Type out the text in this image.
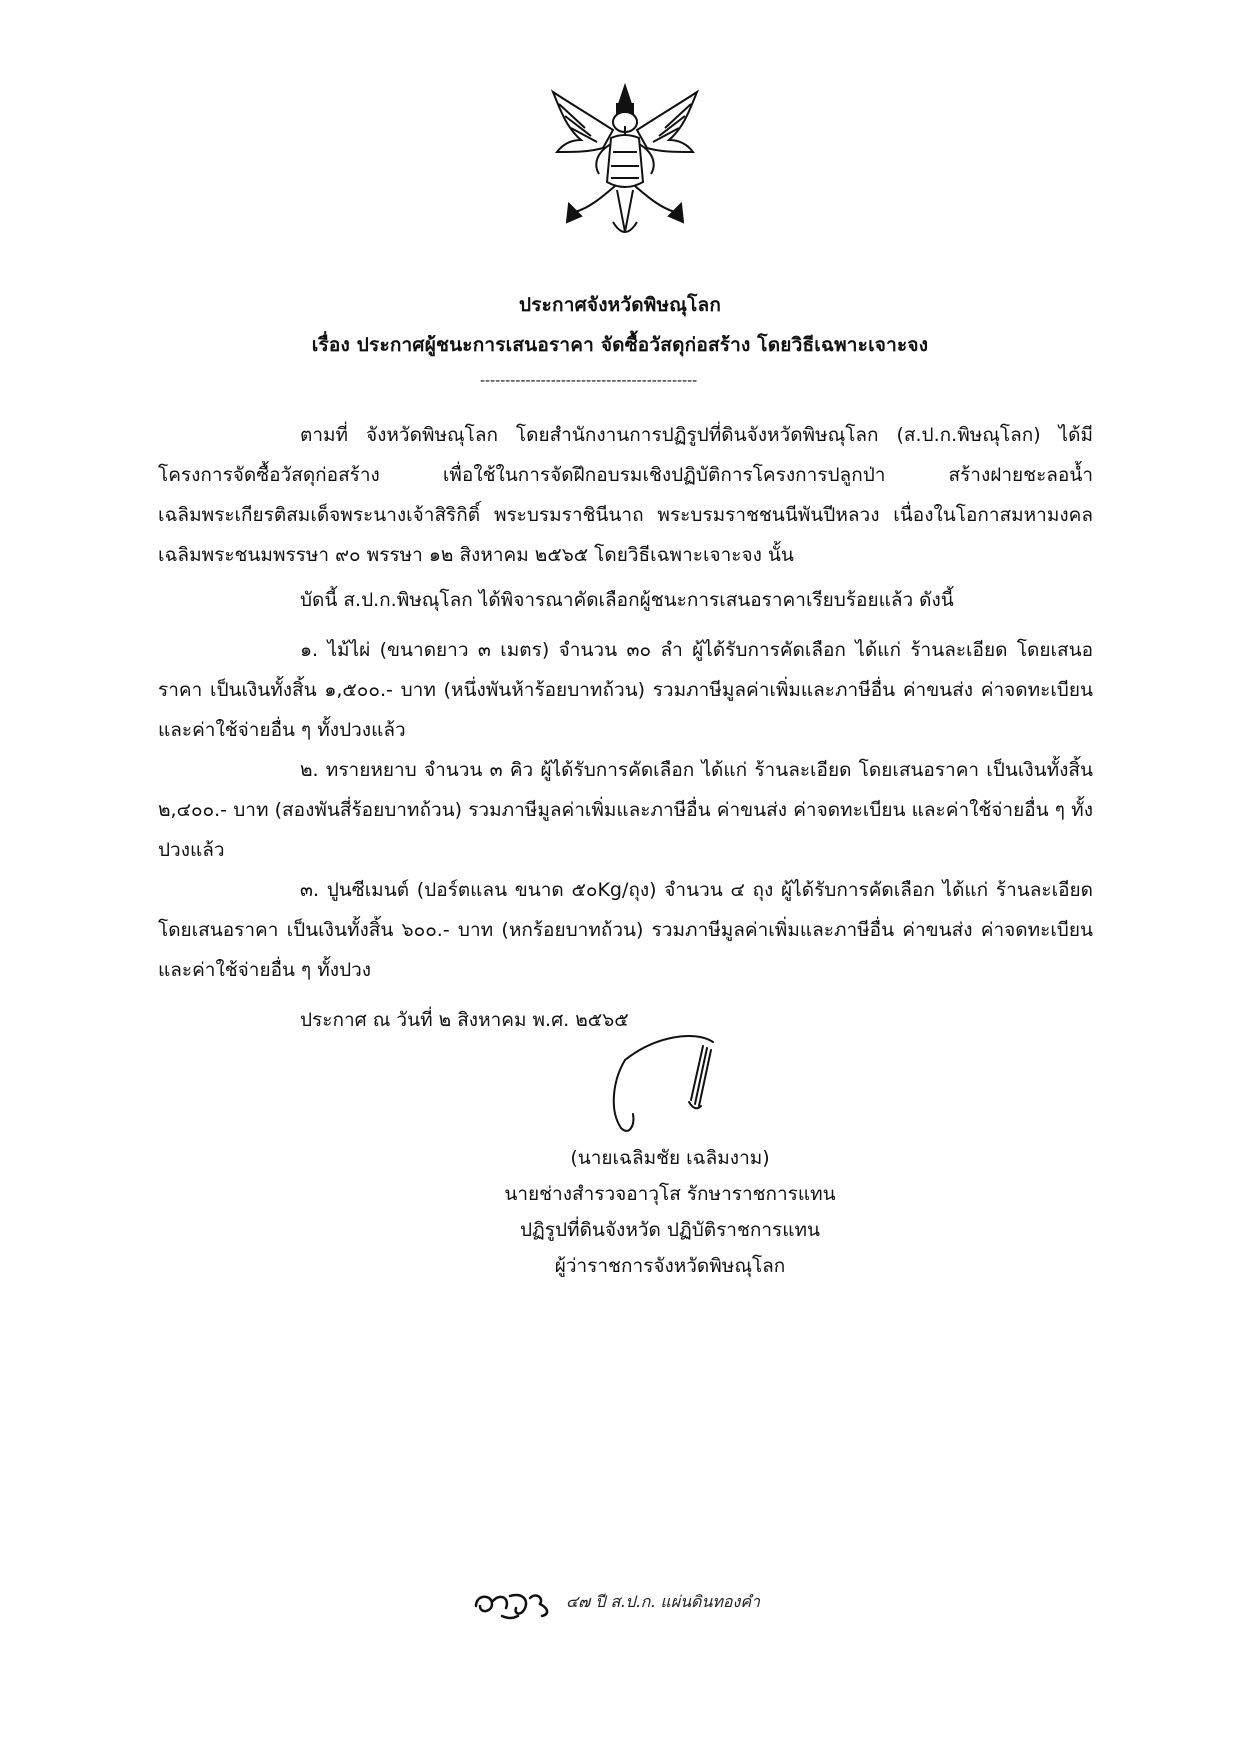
ประกาศจังหวัดพิษณุโลก
เรื่อง ประกาศผู้ชนะการเสนอราคา จัดซื้อวัสดุก่อสร้าง โดยวิธีเฉพาะเจาะจง
-------------------------------------------
ตามที่ จังหวัดพิษณุโลก โดยสำนักงานการปฏิรูปที่ดินจังหวัดพิษณุโลก (ส.ป.ก.พิษณุโลก) ได้มีโครงการจัดซื้อวัสดุก่อสร้าง เพื่อใช้ในการจัดฝึกอบรมเชิงปฏิบัติการโครงการปลูกป่า สร้างฝายชะลอน้ำเฉลิมพระเกียรติสมเด็จพระนางเจ้าสิริกิติ์ พระบรมราชินีนาถ พระบรมราชชนนีพันปีหลวง เนื่องในโอกาสมหามงคลเฉลิมพระชนมพรรษา ๙๐ พรรษา ๑๒ สิงหาคม ๒๕๖๕ โดยวิธีเฉพาะเจาะจง นั้น
บัดนี้ ส.ป.ก.พิษณุโลก ได้พิจารณาคัดเลือกผู้ชนะการเสนอราคาเรียบร้อยแล้ว ดังนี้
๑. ไม้ไผ่ (ขนาดยาว ๓ เมตร) จำนวน ๓๐ ลำ ผู้ได้รับการคัดเลือก ได้แก่ ร้านละเอียด โดยเสนอราคา เป็นเงินทั้งสิ้น ๑,๕๐๐.- บาท (หนึ่งพันห้าร้อยบาทถ้วน) รวมภาษีมูลค่าเพิ่มและภาษีอื่น ค่าขนส่ง ค่าจดทะเบียน และค่าใช้จ่ายอื่น ๆ ทั้งปวงแล้ว
๒. ทรายหยาบ จำนวน ๓ คิว ผู้ได้รับการคัดเลือก ได้แก่ ร้านละเอียด โดยเสนอราคา เป็นเงินทั้งสิ้น ๒,๔๐๐.- บาท (สองพันสี่ร้อยบาทถ้วน) รวมภาษีมูลค่าเพิ่มและภาษีอื่น ค่าขนส่ง ค่าจดทะเบียน และค่าใช้จ่ายอื่น ๆ ทั้งปวงแล้ว
๓. ปูนซีเมนต์ (ปอร์ตแลน ขนาด ๕๐Kg/ถุง) จำนวน ๔ ถุง ผู้ได้รับการคัดเลือก ได้แก่ ร้านละเอียด โดยเสนอราคา เป็นเงินทั้งสิ้น ๖๐๐.- บาท (หกร้อยบาทถ้วน) รวมภาษีมูลค่าเพิ่มและภาษีอื่น ค่าขนส่ง ค่าจดทะเบียน และค่าใช้จ่ายอื่น ๆ ทั้งปวง
ประกาศ ณ วันที่ ๒ สิงหาคม พ.ศ. ๒๕๖๕
(นายเฉลิมชัย เฉลิมงาม)
นายช่างสำรวจอาวุโส รักษาราชการแทน
ปฏิรูปที่ดินจังหวัด ปฏิบัติราชการแทน
ผู้ว่าราชการจังหวัดพิษณุโลก
๔๗ ปี ส.ป.ก. แผ่นดินทองคำ
